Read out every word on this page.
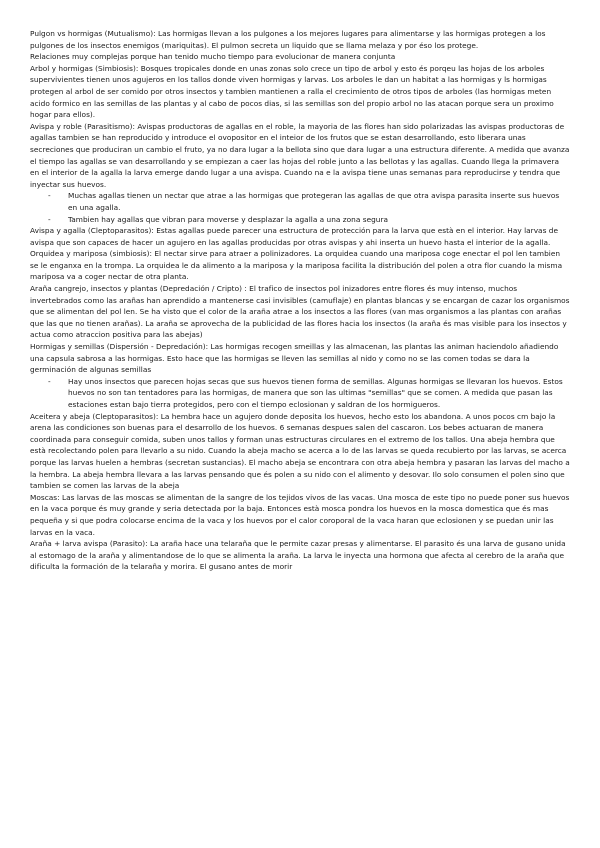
Pulgon vs hormigas (Mutualismo): Las hormigas llevan a los pulgones a los mejores lugares para alimentarse y las hormigas protegen a los pulgones de los insectos enemigos (mariquitas). El pulmon secreta un liquido que se llama melaza y por éso los protege.

Relaciones muy complejas porque han tenido mucho tiempo para evolucionar de manera conjunta

Arbol y hormigas (Simbiosis): Bosques tropicales donde en unas zonas solo crece un tipo de arbol y esto és porqeu las hojas de los arboles supervivientes tienen unos agujeros en los tallos donde viven hormigas y larvas. Los arboles le dan un habitat a las hormigas y ls hormigas protegen al arbol de ser comido por otros insectos y tambien mantienen a ralla el crecimiento de otros tipos de arboles (las hormigas meten acido formico en las semillas de las plantas y al cabo de pocos dias, si las semillas son del propio arbol no las atacan porque sera un proximo hogar para ellos).

Avispa y roble (Parasitismo): Avispas productoras de agallas en el roble, la mayoria de las flores han sido polarizadas las avispas productoras de agallas tambien se han reproducido y introduce el ovopositor en el inteior de los frutos que se estan desarrollando, esto liberara unas secreciones que produciran un cambio el fruto, ya no dara lugar a la bellota sino que dara lugar a una estructura diferente. A medida que avanza el tiempo las agallas se van desarrollando y se empiezan a caer las hojas del roble junto a las bellotas y las agallas. Cuando llega la primavera en el interior de la agalla la larva emerge dando lugar a una avispa. Cuando na e la avispa tiene unas semanas para reproducirse y tendra que inyectar sus huevos.

- Muchas agallas tienen un nectar que atrae a las hormigas que protegeran las agallas de que otra avispa parasita inserte sus huevos en una agalla.
- Tambien hay agallas que vibran para moverse y desplazar la agalla a una zona segura

Avispa y agalla (Cleptoparasitos): Estas agallas puede parecer una estructura de protección para la larva que està en el interior. Hay larvas de avispa que son capaces de hacer un agujero en las agallas producidas por otras avispas y ahi inserta un huevo hasta el interior de la agalla.

Orquidea y mariposa (simbiosis): El nectar sirve para atraer a polinizadores. La orquidea cuando una mariposa coge enectar el pol len tambien se le enganxa en la trompa. La orquidea le da alimento a la mariposa y la mariposa facilita la distribución del polen a otra flor cuando la misma mariposa va a coger nectar de otra planta.

Araña cangrejo, insectos y plantas (Depredación / Cripto) : El trafico de insectos pol inizadores entre flores és muy intenso, muchos invertebrados como las arañas han aprendido a mantenerse casi invisibles (camuflaje) en plantas blancas y se encargan de cazar los organismos que se alimentan del pol len. Se ha visto que el color de la araña atrae a los insectos a las flores (van mas organismos a las plantas con arañas que las que no tienen arañas). La araña se aprovecha de la publicidad de las flores hacia los insectos (la araña és mas visible para los insectos y actua como atraccion positiva para las abejas)

Hormigas y semillas (Dispersión - Depredación): Las hormigas recogen smeillas y las almacenan, las plantas las animan haciendolo añadiendo una capsula sabrosa a las hormigas. Esto hace que las hormigas se lleven las semillas al nido y como no se las comen todas se dara la germinación de algunas semillas

- Hay unos insectos que parecen hojas secas que sus huevos tienen forma de semillas. Algunas hormigas se llevaran los huevos. Estos huevos no son tan tentadores para las hormigas, de manera que son las ultimas "semillas" que se comen. A medida que pasan las estaciones estan bajo tierra protegidos, pero con el tiempo eclosionan y saldran de los hormigueros.

Aceitera y abeja (Cleptoparasitos): La hembra hace un agujero donde deposita los huevos, hecho esto los abandona. A unos pocos cm bajo la arena las condiciones son buenas para el desarrollo de los huevos. 6 semanas despues salen del cascaron. Los bebes actuaran de manera coordinada para conseguir comida, suben unos tallos y forman unas estructuras circulares en el extremo de los tallos. Una abeja hembra que està recolectando polen para llevarlo a su nido. Cuando la abeja macho se acerca a lo de las larvas se queda recubierto por las larvas, se acerca porque las larvas huelen a hembras (secretan sustancias). El macho abeja se encontrara con otra abeja hembra y pasaran las larvas del macho a la hembra. La abeja hembra llevara a las larvas pensando que és polen a su nido con el alimento y desovar. Ilo solo consumen el polen sino que tambien se comen las larvas de la abeja

Moscas: Las larvas de las moscas se alimentan de la sangre de los tejidos vivos de las vacas. Una mosca de este tipo no puede poner sus huevos en la vaca porque és muy grande y seria detectada por la baja. Entonces està mosca pondra los huevos en la mosca domestica que és mas pequeña y si que podra colocarse encima de la vaca y los huevos por el calor coroporal de la vaca haran que eclosionen y se puedan unir las larvas en la vaca.

Araña + larva avispa (Parasito): La araña hace una telaraña que le permite cazar presas y alimentarse. El parasito és una larva de gusano unida al estomago de la araña y alimentandose de lo que se alimenta la araña. La larva le inyecta una hormona que afecta al cerebro de la araña que dificulta la formación de la telaraña y morira. El gusano antes de morir
